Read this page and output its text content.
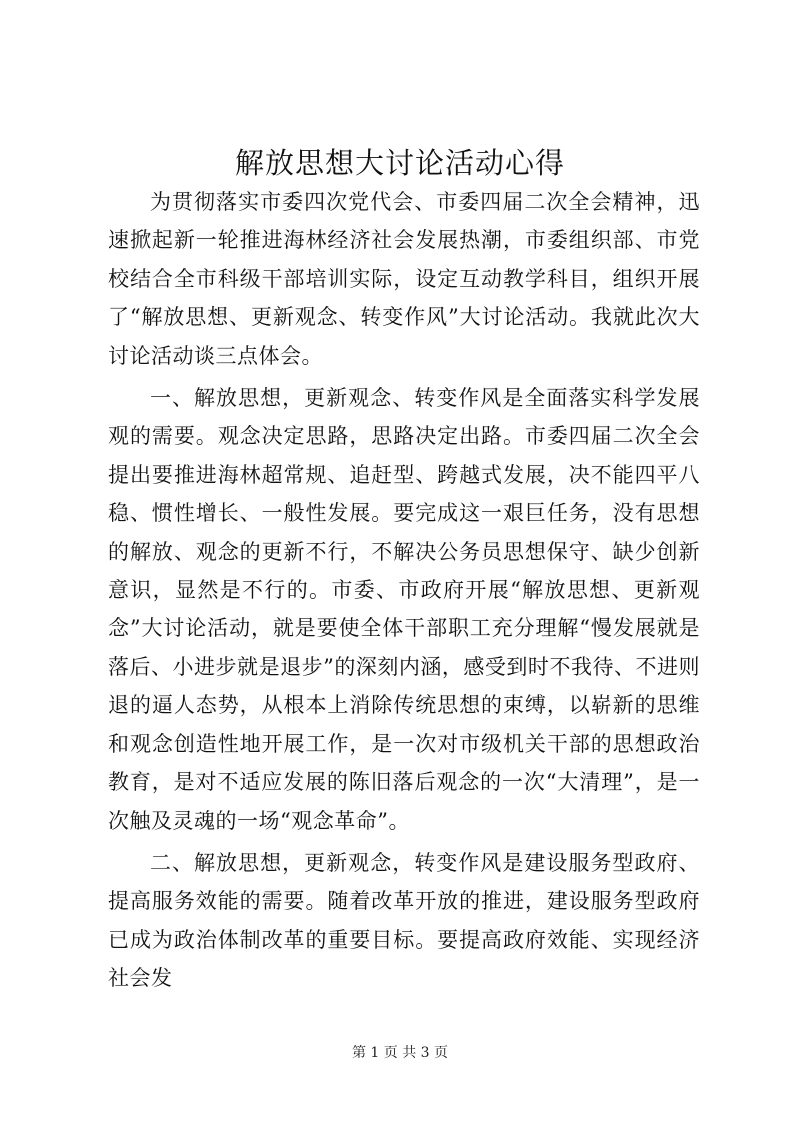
解放思想大讨论活动心得

为贯彻落实市委四次党代会、市委四届二次全会精神，迅速掀起新一轮推进海林经济社会发展热潮，市委组织部、市党校结合全市科级干部培训实际，设定互动教学科目，组织开展了“解放思想、更新观念、转变作风”大讨论活动。我就此次大讨论活动谈三点体会。

一、解放思想，更新观念、转变作风是全面落实科学发展观的需要。观念决定思路，思路决定出路。市委四届二次全会提出要推进海林超常规、追赶型、跨越式发展，决不能四平八稳、惯性增长、一般性发展。要完成这一艰巨任务，没有思想的解放、观念的更新不行，不解决公务员思想保守、缺少创新意识，显然是不行的。市委、市政府开展“解放思想、更新观念”大讨论活动，就是要使全体干部职工充分理解“慢发展就是落后、小进步就是退步”的深刻内涵，感受到时不我待、不进则退的逼人态势，从根本上消除传统思想的束缚，以崭新的思维和观念创造性地开展工作，是一次对市级机关干部的思想政治教育，是对不适应发展的陈旧落后观念的一次“大清理”，是一次触及灵魂的一场“观念革命”。

二、解放思想，更新观念，转变作风是建设服务型政府、提高服务效能的需要。随着改革开放的推进，建设服务型政府已成为政治体制改革的重要目标。要提高政府效能、实现经济社会发

第 1 页 共 3 页
